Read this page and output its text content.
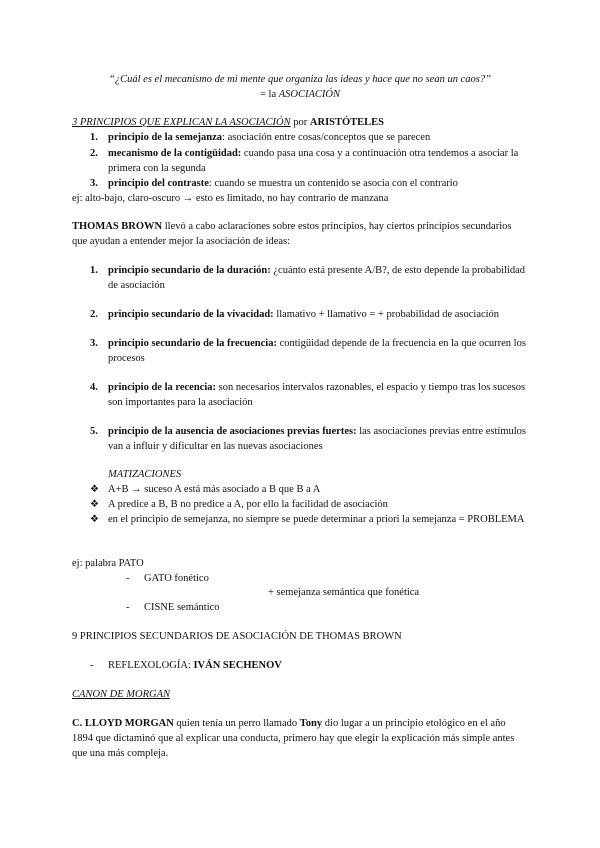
“¿Cuál es el mecanismo de mi mente que organiza las ideas y hace que no sean un caos?”
= la ASOCIACIÓN
3 PRINCIPIOS QUE EXPLICAN LA ASOCIACIÓN por ARISTÓTELES
1. principio de la semejanza: asociación entre cosas/conceptos que se parecen
2. mecanismo de la contigüidad: cuando pasa una cosa y a continuación otra tendemos a asociar la primera con la segunda
3. principio del contraste: cuando se muestra un contenido se asocia con el contrario
ej: alto-bajo, claro-oscuro → esto es limitado, no hay contrario de manzana
THOMAS BROWN llevó a cabo aclaraciones sobre estos principios, hay ciertos principios secundarios que ayudan a entender mejor la asociación de ideas:
1. principio secundario de la duración: ¿cuánto está presente A/B?, de esto depende la probabilidad de asociación
2. principio secundario de la vivacidad: llamativo + llamativo = + probabilidad de asociación
3. principio secundario de la frecuencia: contigüidad depende de la frecuencia en la que ocurren los procesos
4. principio de la recencia: son necesarios intervalos razonables, el espacio y tiempo tras los sucesos son importantes para la asociación
5. principio de la ausencia de asociaciones previas fuertes: las asociaciones previas entre estímulos van a influir y dificultar en las nuevas asociaciones
MATIZACIONES
❖ A+B → suceso A está más asociado a B que B a A
❖ A predice a B, B no predice a A, por ello la facilidad de asociación
❖ en el principio de semejanza, no siempre se puede determinar a priori la semejanza = PROBLEMA
ej: palabra PATO
- GATO fonético
+ semejanza semántica que fonética
- CISNE semántico
9 PRINCIPIOS SECUNDARIOS DE ASOCIACIÓN DE THOMAS BROWN
- REFLEXOLOGÍA: IVÁN SECHENOV
CANON DE MORGAN
C. LLOYD MORGAN quien tenía un perro llamado Tony dio lugar a un principio etológico en el año 1894 que dictaminó que al explicar una conducta, primero hay que elegir la explicación más simple antes que una más compleja.
